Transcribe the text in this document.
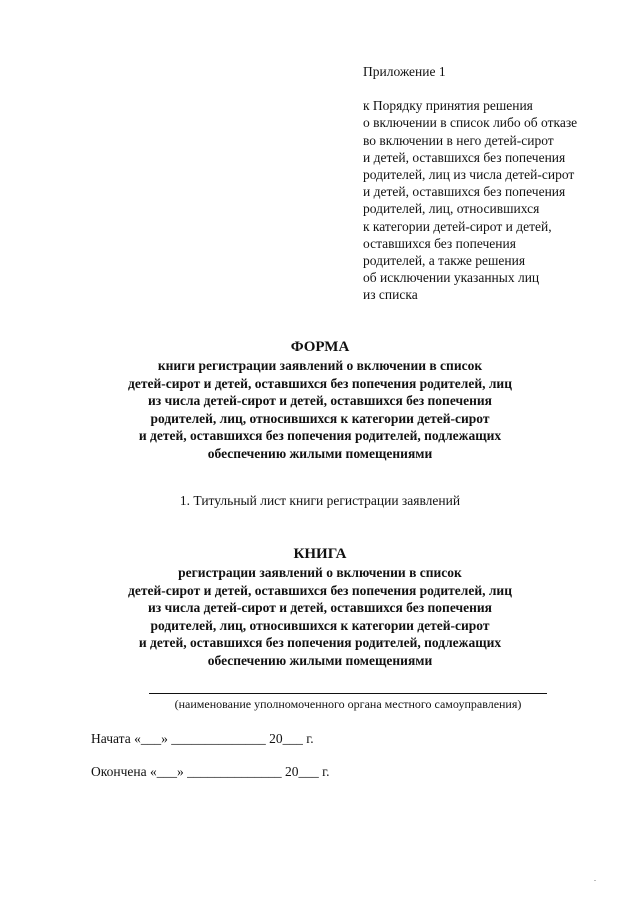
Приложение 1
к Порядку принятия решения
о включении в список либо об отказе
во включении в него детей-сирот
и детей, оставшихся без попечения
родителей, лиц из числа детей-сирот
и детей, оставшихся без попечения
родителей, лиц, относившихся
к категории детей-сирот и детей,
оставшихся без попечения
родителей, а также решения
об исключении указанных лиц
из списка
ФОРМА
книги регистрации заявлений о включении в список
детей-сирот и детей, оставшихся без попечения родителей, лиц
из числа детей-сирот и детей, оставшихся без попечения
родителей, лиц, относившихся к категории детей-сирот
и детей, оставшихся без попечения родителей, подлежащих
обеспечению жилыми помещениями
1. Титульный лист книги регистрации заявлений
КНИГА
регистрации заявлений о включении в список
детей-сирот и детей, оставшихся без попечения родителей, лиц
из числа детей-сирот и детей, оставшихся без попечения
родителей, лиц, относившихся к категории детей-сирот
и детей, оставшихся без попечения родителей, подлежащих
обеспечению жилыми помещениями
(наименование уполномоченного органа местного самоуправления)
Начата «___» ______________ 20___ г.
Окончена «___» ______________ 20___ г.
